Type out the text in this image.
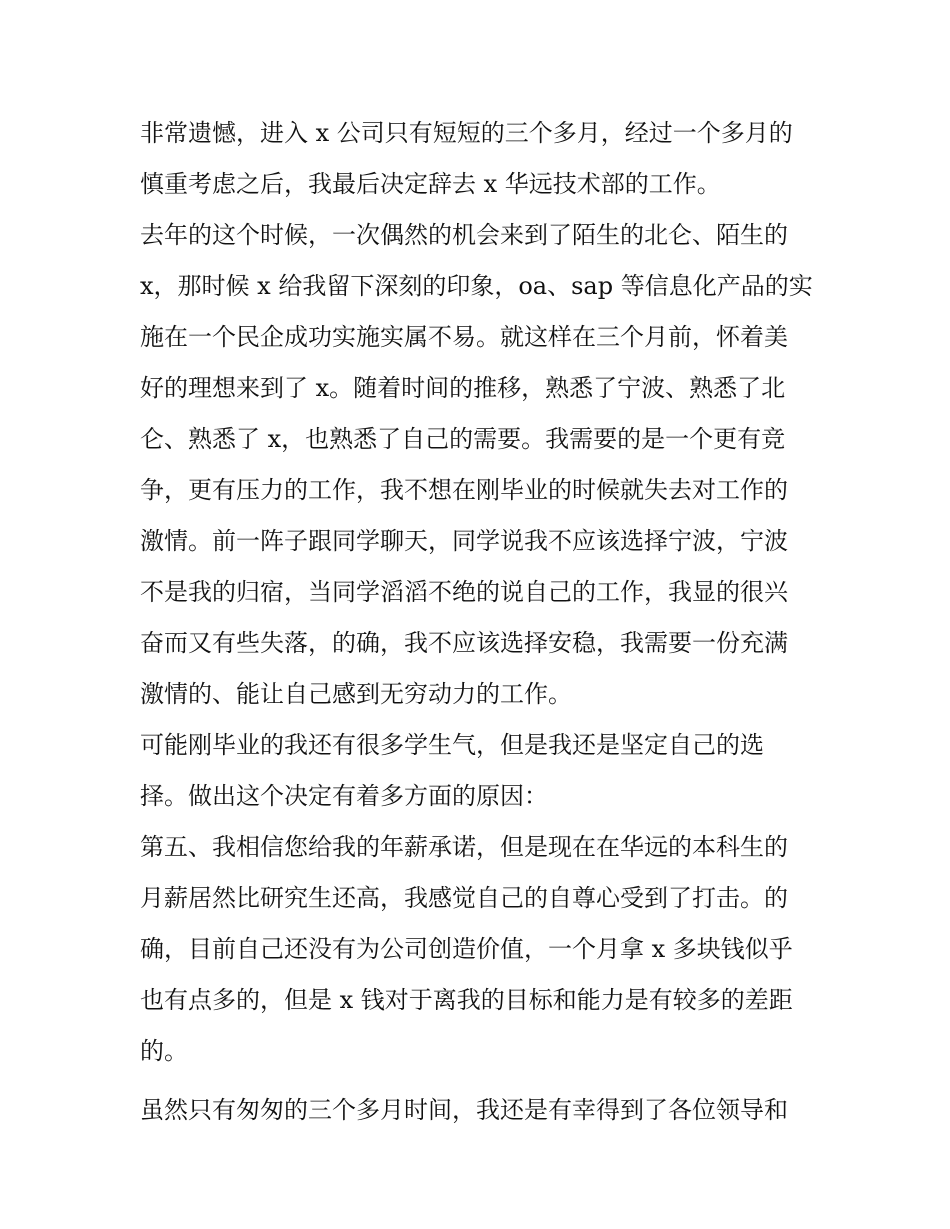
非常遗憾，进入 x 公司只有短短的三个多月，经过一个多月的

慎重考虑之后，我最后决定辞去 x 华远技术部的工作。

去年的这个时候，一次偶然的机会来到了陌生的北仑、陌生的

x，那时候 x 给我留下深刻的印象，oa、sap 等信息化产品的实

施在一个民企成功实施实属不易。就这样在三个月前，怀着美

好的理想来到了 x。随着时间的推移，熟悉了宁波、熟悉了北

仑、熟悉了 x，也熟悉了自己的需要。我需要的是一个更有竞

争，更有压力的工作，我不想在刚毕业的时候就失去对工作的

激情。前一阵子跟同学聊天，同学说我不应该选择宁波，宁波

不是我的归宿，当同学滔滔不绝的说自己的工作，我显的很兴

奋而又有些失落，的确，我不应该选择安稳，我需要一份充满

激情的、能让自己感到无穷动力的工作。

可能刚毕业的我还有很多学生气，但是我还是坚定自己的选

择。做出这个决定有着多方面的原因：

第五、我相信您给我的年薪承诺，但是现在在华远的本科生的

月薪居然比研究生还高，我感觉自己的自尊心受到了打击。的

确，目前自己还没有为公司创造价值，一个月拿 x 多块钱似乎

也有点多的，但是 x 钱对于离我的目标和能力是有较多的差距

的。

虽然只有匆匆的三个多月时间，我还是有幸得到了各位领导和
